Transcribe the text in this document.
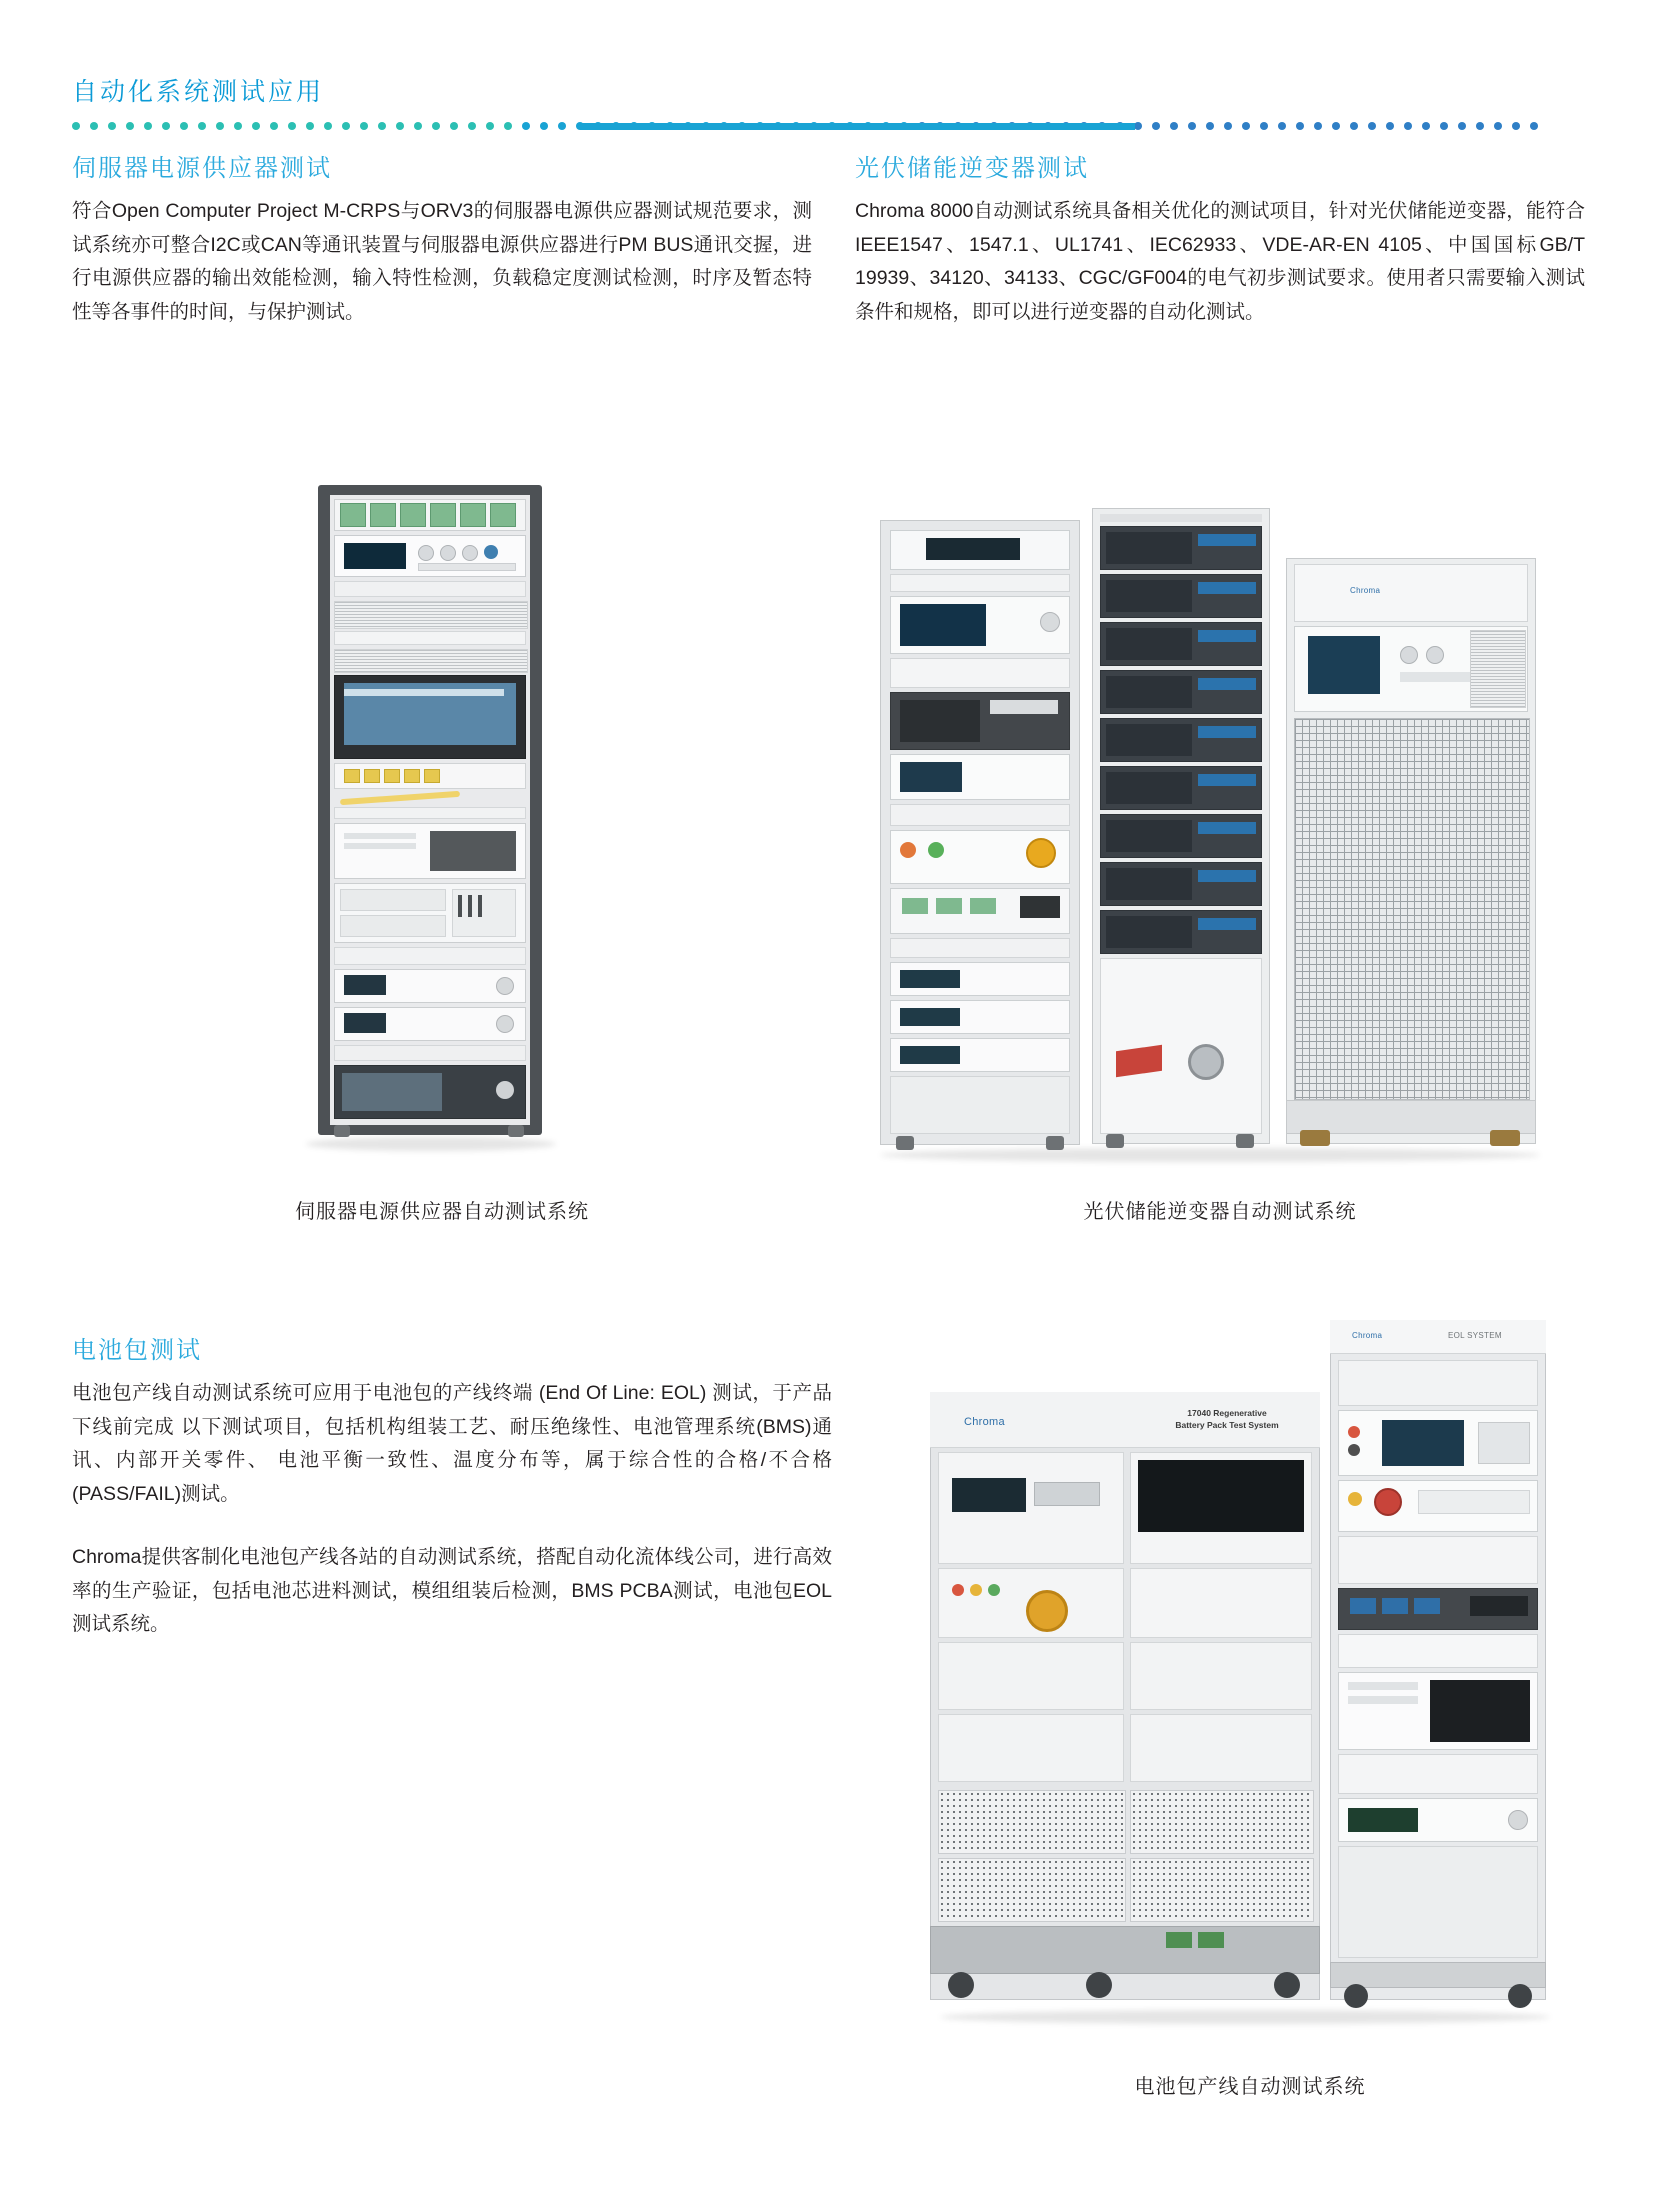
自动化系统测试应用
伺服器电源供应器测试

符合Open Computer Project M-CRPS与ORV3的伺服器电源供应器测试规范要求，测试系统亦可整合I2C或CAN等通讯装置与伺服器电源供应器进行PM BUS通讯交握，进行电源供应器的输出效能检测，输入特性检测，负载稳定度测试检测，时序及暂态特性等各事件的时间，与保护测试。

光伏储能逆变器测试

Chroma 8000自动测试系统具备相关优化的测试项目，针对光伏储能逆变器，能符合IEEE1547、1547.1、UL1741、IEC62933、VDE-AR-EN 4105、中国国标GB/T 19939、34120、34133、CGC/GF004的电气初步测试要求。使用者只需要输入测试条件和规格，即可以进行逆变器的自动化测试。

伺服器电源供应器自动测试系统
Chroma
光伏储能逆变器自动测试系统
电池包测试

电池包产线自动测试系统可应用于电池包的产线终端 (End Of Line: EOL) 测试，于产品下线前完成 以下测试项目，包括机构组装工艺、耐压绝缘性、电池管理系统(BMS)通讯、内部开关零件、 电池平衡一致性、温度分布等，属于综合性的合格/不合格(PASS/FAIL)测试。

Chroma提供客制化电池包产线各站的自动测试系统，搭配自动化流体线公司，进行高效率的生产验证，包括电池芯进料测试，模组组装后检测，BMS PCBA测试，电池包EOL测试系统。

Chroma
17040 Regenerative
Battery Pack Test System
Chroma	EOL SYSTEM
电池包产线自动测试系统
